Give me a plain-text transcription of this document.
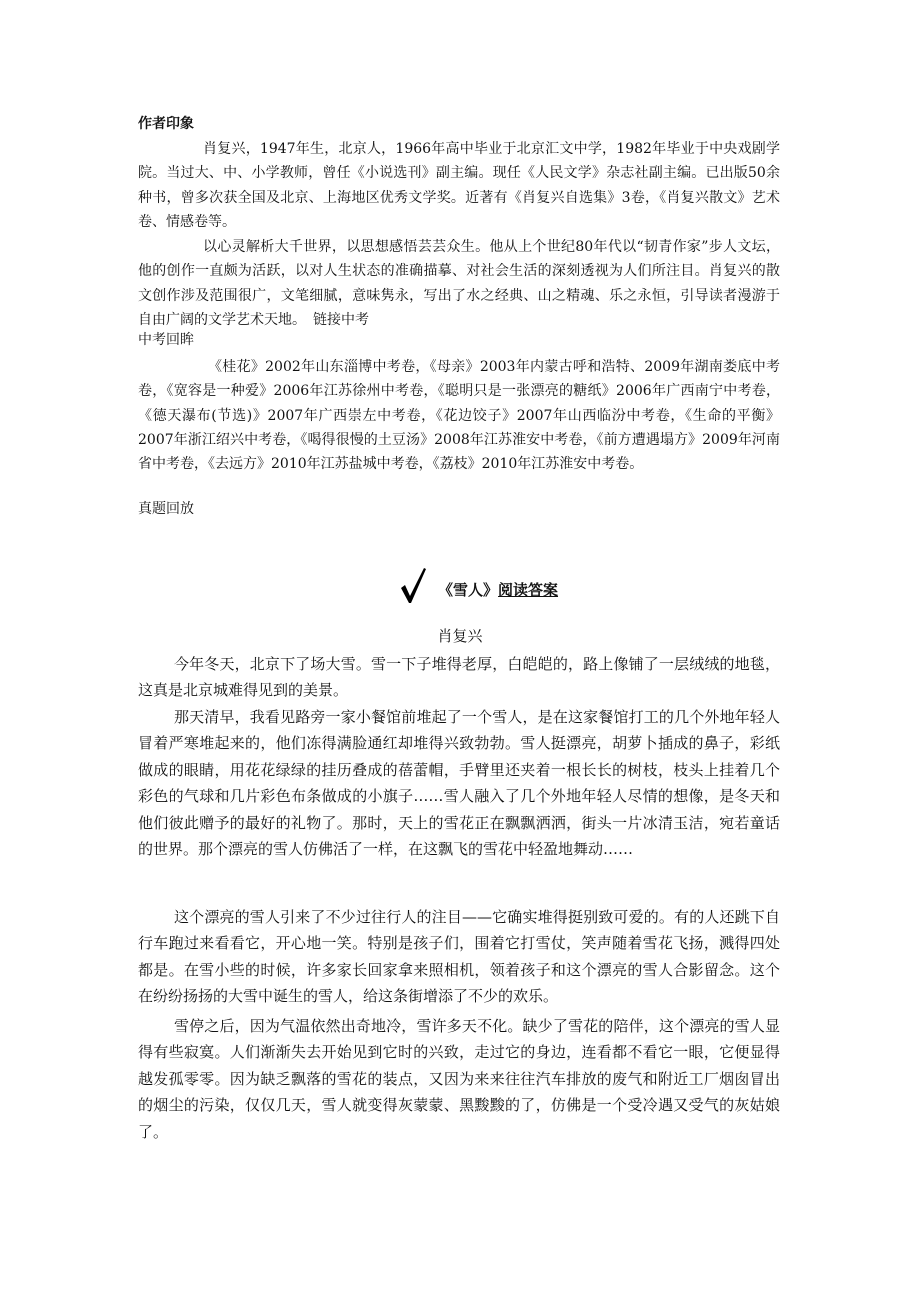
作者印象

肖复兴，1947年生，北京人，1966年高中毕业于北京汇文中学，1982年毕业于中央戏剧学院。当过大、中、小学教师，曾任《小说选刊》副主编。现任《人民文学》杂志社副主编。已出版50余种书，曾多次获全国及北京、上海地区优秀文学奖。近著有《肖复兴自选集》3卷，《肖复兴散文》艺术卷、情感卷等。

以心灵解析大千世界，以思想感悟芸芸众生。他从上个世纪80年代以“韧青作家”步人文坛，他的创作一直颇为活跃，以对人生状态的准确描摹、对社会生活的深刻透视为人们所注目。肖复兴的散文创作涉及范围很广，文笔细腻，意味隽永，写出了水之经典、山之精魂、乐之永恒，引导读者漫游于自由广阔的文学艺术天地。　链接中考

中考回眸

《桂花》2002年山东淄博中考卷，《母亲》2003年内蒙古呼和浩特、2009年湖南娄底中考卷，《宽容是一种爱》2006年江苏徐州中考卷，《聪明只是一张漂亮的糖纸》2006年广西南宁中考卷，《德天瀑布(节选)》2007年广西崇左中考卷，《花边饺子》2007年山西临汾中考卷，《生命的平衡》2007年浙江绍兴中考卷，《喝得很慢的土豆汤》2008年江苏淮安中考卷，《前方遭遇塌方》2009年河南省中考卷，《去远方》2010年江苏盐城中考卷，《荔枝》2010年江苏淮安中考卷。

真题回放
《雪人》阅读答案
肖复兴

今年冬天，北京下了场大雪。雪一下子堆得老厚，白皑皑的，路上像铺了一层绒绒的地毯，这真是北京城难得见到的美景。

那天清早，我看见路旁一家小餐馆前堆起了一个雪人，是在这家餐馆打工的几个外地年轻人冒着严寒堆起来的，他们冻得满脸通红却堆得兴致勃勃。雪人挺漂亮，胡萝卜插成的鼻子，彩纸做成的眼睛，用花花绿绿的挂历叠成的蓓蕾帽，手臂里还夹着一根长长的树枝，枝头上挂着几个彩色的气球和几片彩色布条做成的小旗子……雪人融入了几个外地年轻人尽情的想像，是冬天和他们彼此赠予的最好的礼物了。那时，天上的雪花正在飘飘洒洒，街头一片冰清玉洁，宛若童话的世界。那个漂亮的雪人仿佛活了一样，在这飘飞的雪花中轻盈地舞动……

这个漂亮的雪人引来了不少过往行人的注目——它确实堆得挺别致可爱的。有的人还跳下自行车跑过来看看它，开心地一笑。特别是孩子们，围着它打雪仗，笑声随着雪花飞扬，溅得四处都是。在雪小些的时候，许多家长回家拿来照相机，领着孩子和这个漂亮的雪人合影留念。这个在纷纷扬扬的大雪中诞生的雪人，给这条街增添了不少的欢乐。

雪停之后，因为气温依然出奇地冷，雪许多天不化。缺少了雪花的陪伴，这个漂亮的雪人显得有些寂寞。人们渐渐失去开始见到它时的兴致，走过它的身边，连看都不看它一眼，它便显得越发孤零零。因为缺乏飘落的雪花的装点，又因为来来往往汽车排放的废气和附近工厂烟囱冒出的烟尘的污染，仅仅几天，雪人就变得灰蒙蒙、黑黢黢的了，仿佛是一个受冷遇又受气的灰姑娘了。
